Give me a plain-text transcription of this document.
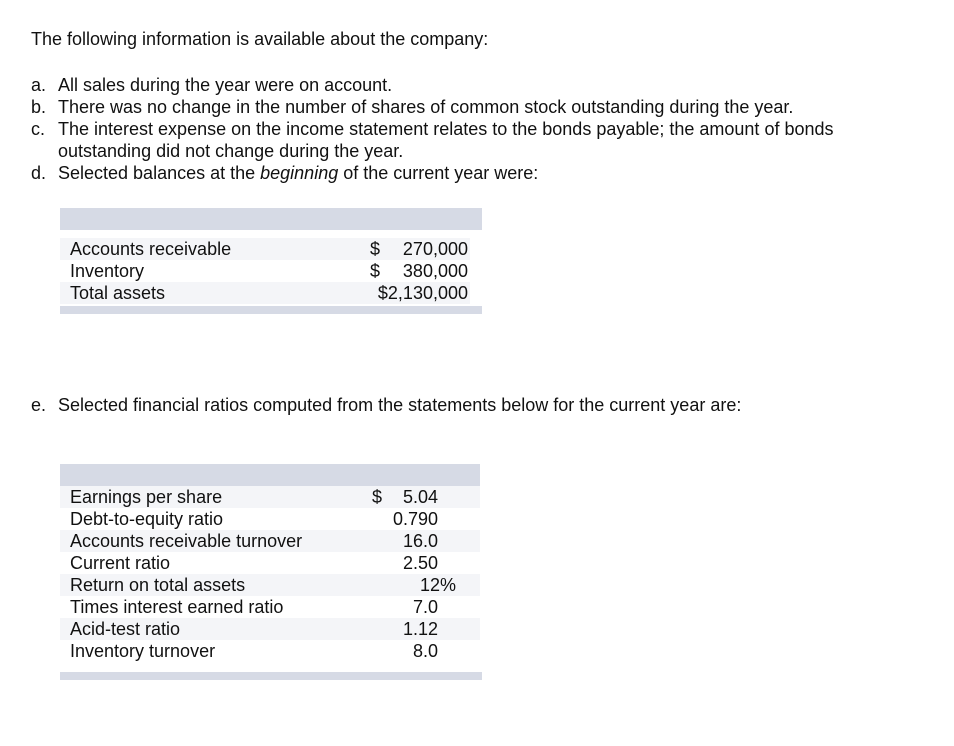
The following information is available about the company:
a. All sales during the year were on account.
b. There was no change in the number of shares of common stock outstanding during the year.
c. The interest expense on the income statement relates to the bonds payable; the amount of bonds outstanding did not change during the year.
d. Selected balances at the beginning of the current year were:
Accounts receivable	$ 270,000
Inventory	$ 380,000
Total assets	$2,130,000
e. Selected financial ratios computed from the statements below for the current year are:
Earnings per share	$ 5.04
Debt-to-equity ratio	0.790
Accounts receivable turnover	16.0
Current ratio	2.50
Return on total assets	12%
Times interest earned ratio	7.0
Acid-test ratio	1.12
Inventory turnover	8.0
